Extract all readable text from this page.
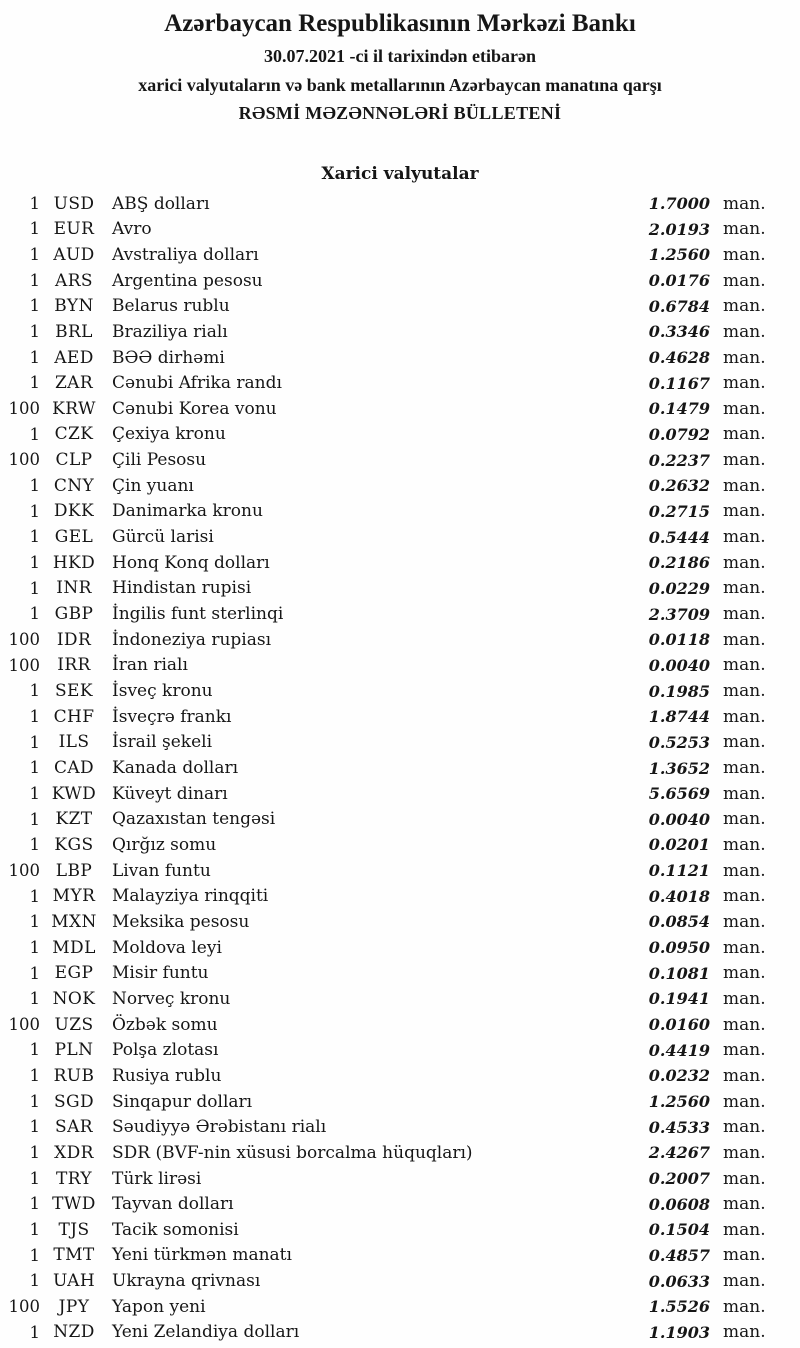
Azərbaycan Respublikasının Mərkəzi Bankı
30.07.2021 -ci il tarixindən etibarən
xarici valyutaların və bank metallarının Azərbaycan manatına qarşı
RƏSMİ MƏZƏNNƏLƏRİ BÜLLETENİ
Xarici valyutalar
1 USD	ABŞ dolları	1.7000 man.
1 EUR	Avro	2.0193 man.
1 AUD	Avstraliya dolları	1.2560 man.
1 ARS	Argentina pesosu	0.0176 man.
1 BYN	Belarus rublu	0.6784 man.
1 BRL	Braziliya rialı	0.3346 man.
1 AED	BƏƏ dirhəmi	0.4628 man.
1 ZAR	Cənubi Afrika randı	0.1167 man.
100 KRW Cənubi Korea vonu	0.1479 man.
1 CZK	Çexiya kronu	0.0792 man.
100 CLP	Çili Pesosu	0.2237 man.
1 CNY	Çin yuanı	0.2632 man.
1 DKK	Danimarka kronu	0.2715 man.
1 GEL	Gürcü larisi	0.5444 man.
1 HKD Honq Konq dolları	0.2186 man.
1 INR	Hindistan rupisi	0.0229 man.
1 GBP	İngilis funt sterlinqi	2.3709 man.
100 IDR	İndoneziya rupiası	0.0118 man.
100	IRR	İran rialı	0.0040 man.
1 SEK	İsveç kronu	0.1985 man.
1 CHF	İsveçrə frankı	1.8744 man.
1	ILS	İsrail şekeli	0.5253 man.
1 CAD	Kanada dolları	1.3652 man.
1 KWD Küveyt dinarı	5.6569 man.
1 KZT	Qazaxıstan tengəsi	0.0040 man.
1 KGS	Qırğız somu	0.0201 man.
100 LBP	Livan funtu	0.1121 man.
1 MYR Malayziya rinqqiti	0.4018 man.
1 MXN Meksika pesosu	0.0854 man.
1 MDL Moldova leyi	0.0950 man.
1 EGP	Misir funtu	0.1081 man.
1 NOK Norveç kronu	0.1941 man.
100 UZS	Özbək somu	0.0160 man.
1 PLN	Polşa zlotası	0.4419 man.
1 RUB	Rusiya rublu	0.0232 man.
1 SGD	Sinqapur dolları	1.2560 man.
1 SAR	Səudiyyə Ərəbistanı rialı	0.4533 man.
1 XDR	SDR (BVF-nin xüsusi borcalma hüquqları)	2.4267 man.
1 TRY	Türk lirəsi	0.2007 man.
1 TWD Tayvan dolları	0.0608 man.
1	TJS	Tacik somonisi	0.1504 man.
1 TMT	Yeni türkmən manatı	0.4857 man.
1 UAH Ukrayna qrivnası	0.0633 man.
100	JPY	Yapon yeni	1.5526 man.
1 NZD	Yeni Zelandiya dolları	1.1903 man.
